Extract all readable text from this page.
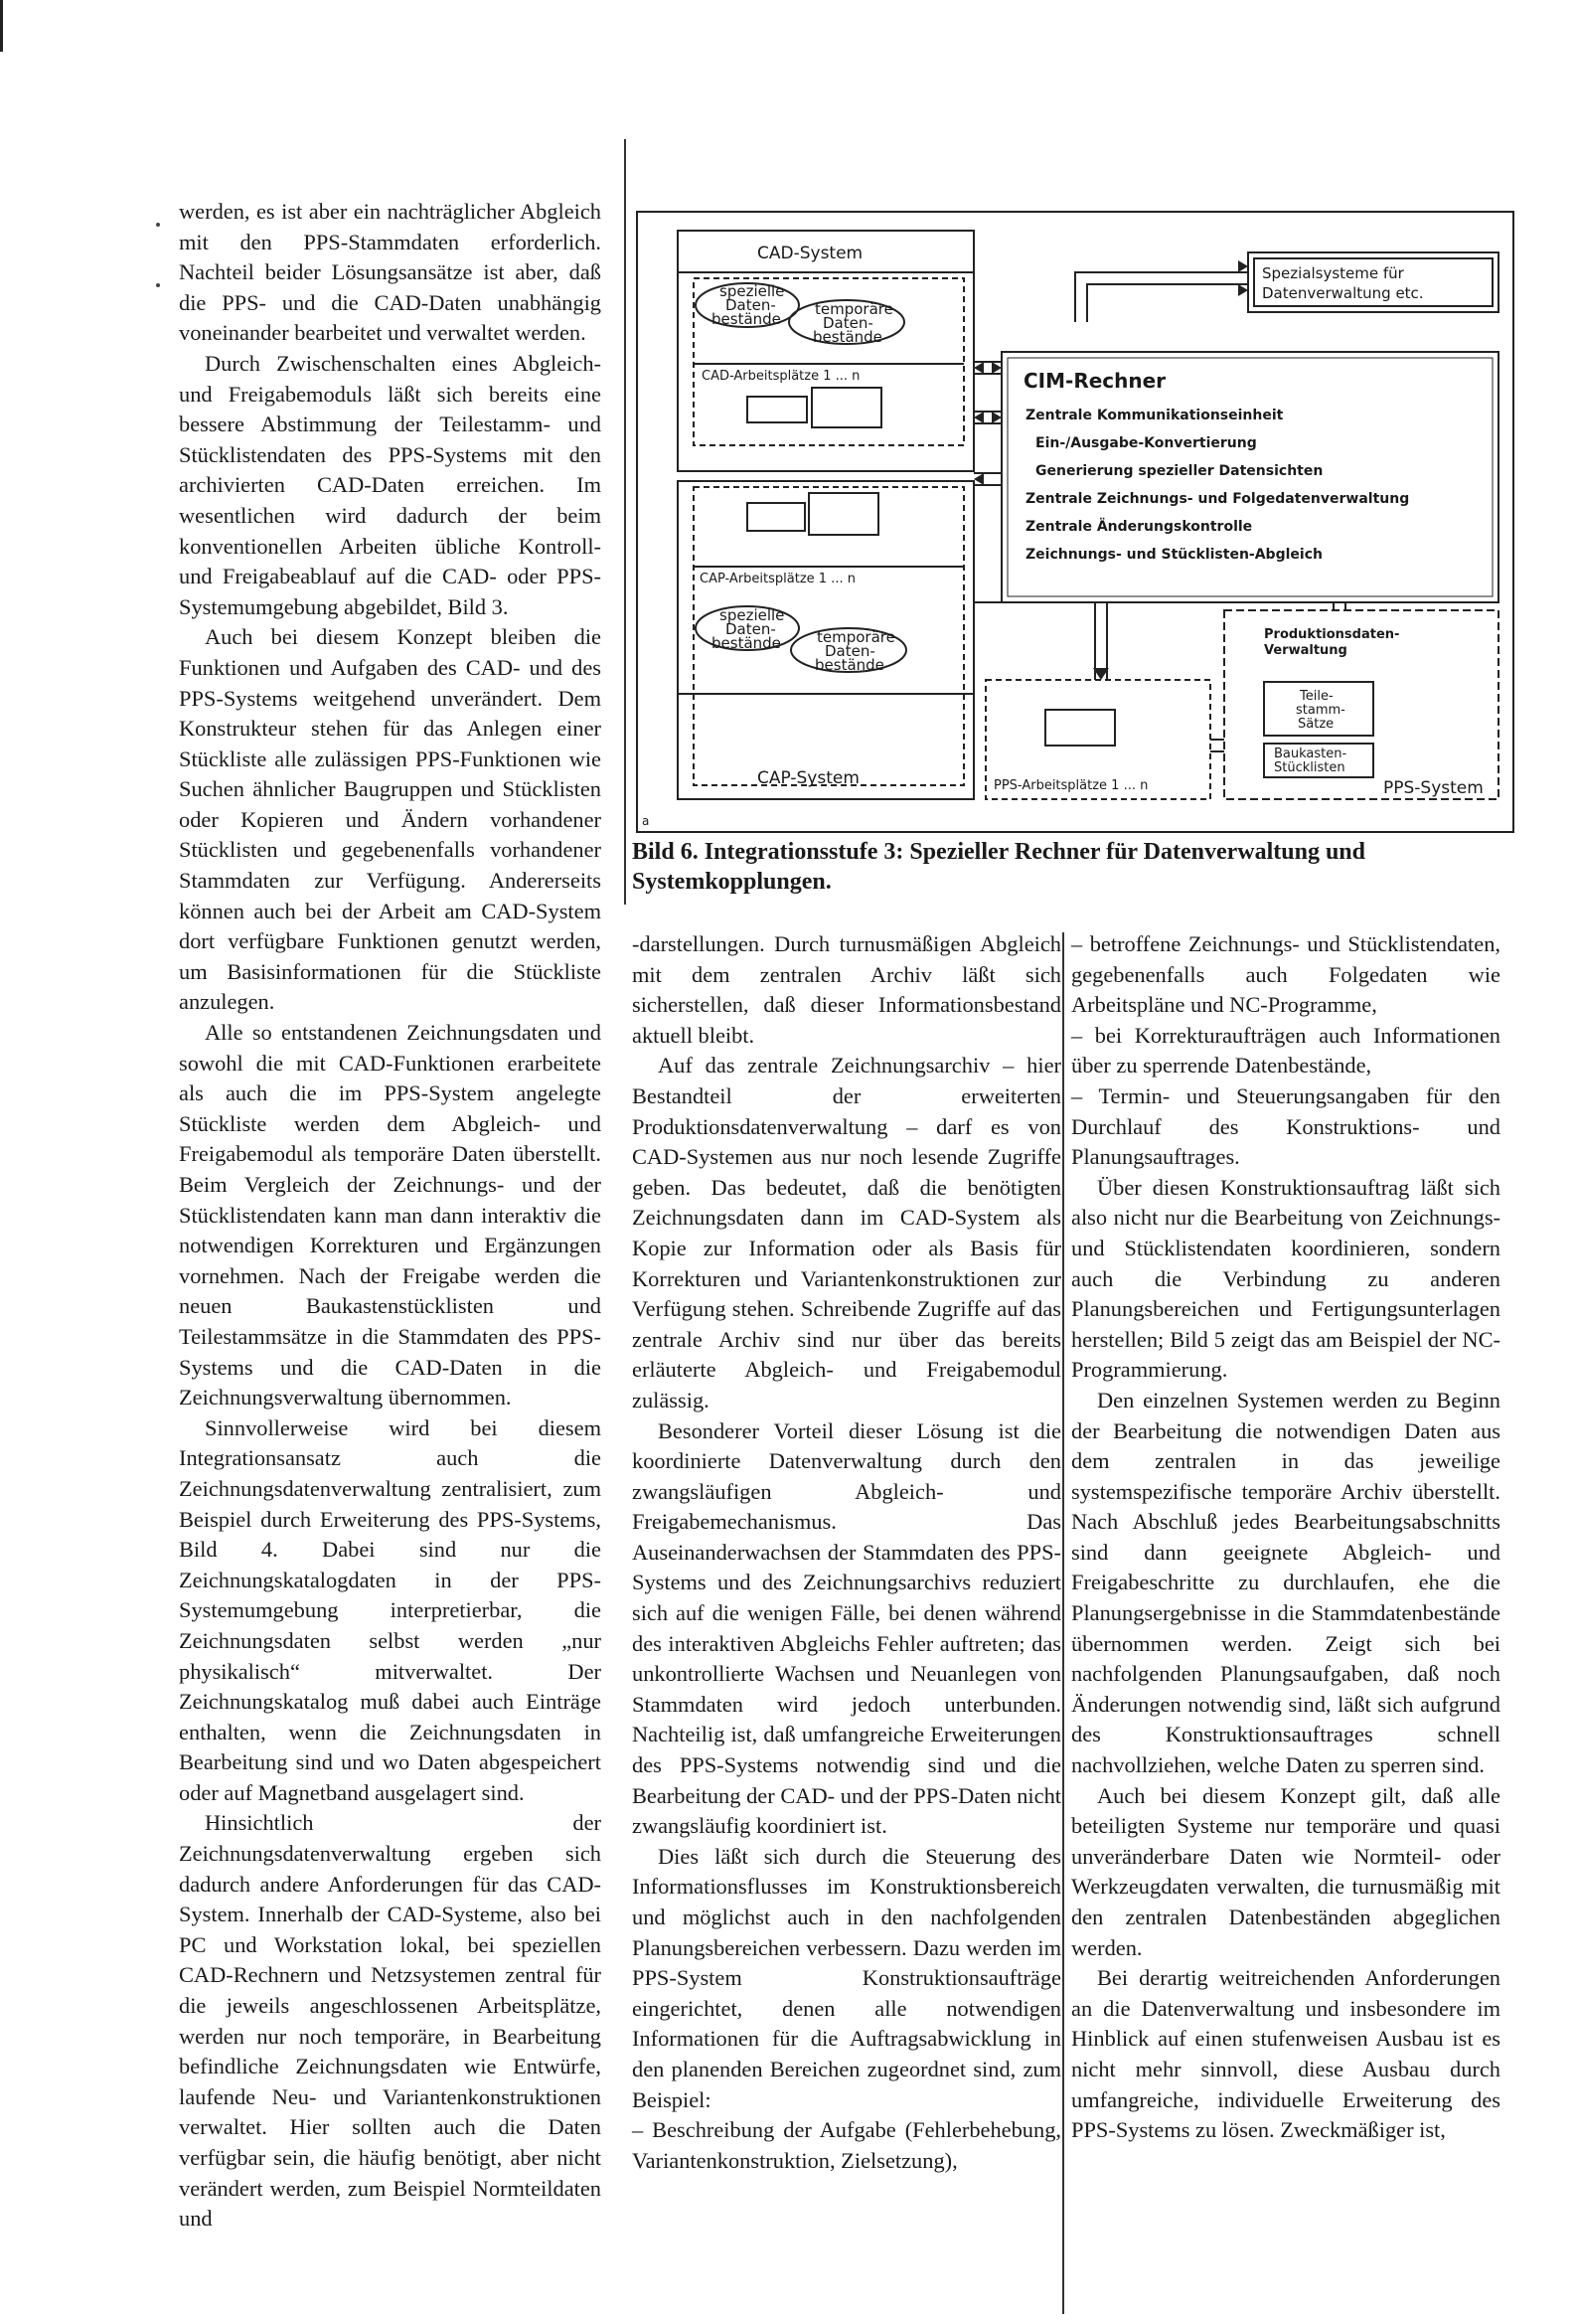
werden, es ist aber ein nachträglicher Abgleich mit den PPS-Stammdaten erforderlich. Nachteil beider Lösungsansätze ist aber, daß die PPS- und die CAD-Daten unabhängig voneinander bearbeitet und verwaltet werden.

Durch Zwischenschalten eines Abgleich- und Freigabemoduls läßt sich bereits eine bessere Abstimmung der Teilestamm- und Stücklistendaten des PPS-Systems mit den archivierten CAD-Daten erreichen. Im wesentlichen wird dadurch der beim konventionellen Arbeiten übliche Kontroll- und Freigabeablauf auf die CAD- oder PPS-Systemumgebung abgebildet, Bild 3.

Auch bei diesem Konzept bleiben die Funktionen und Aufgaben des CAD- und des PPS-Systems weitgehend unverändert. Dem Konstrukteur stehen für das Anlegen einer Stückliste alle zulässigen PPS-Funktionen wie Suchen ähnlicher Baugruppen und Stücklisten oder Kopieren und Ändern vorhandener Stücklisten und gegebenenfalls vorhandener Stammdaten zur Verfügung. Andererseits können auch bei der Arbeit am CAD-System dort verfügbare Funktionen genutzt werden, um Basisinformationen für die Stückliste anzulegen.

Alle so entstandenen Zeichnungsdaten und sowohl die mit CAD-Funktionen erarbeitete als auch die im PPS-System angelegte Stückliste werden dem Abgleich- und Freigabemodul als temporäre Daten überstellt. Beim Vergleich der Zeichnungs- und der Stücklistendaten kann man dann interaktiv die notwendigen Korrekturen und Ergänzungen vornehmen. Nach der Freigabe werden die neuen Baukastenstücklisten und Teilestammsätze in die Stammdaten des PPS-Systems und die CAD-Daten in die Zeichnungsverwaltung übernommen.

Sinnvollerweise wird bei diesem Integrationsansatz auch die Zeichnungsdatenverwaltung zentralisiert, zum Beispiel durch Erweiterung des PPS-Systems, Bild 4. Dabei sind nur die Zeichnungskatalogdaten in der PPS-Systemumgebung interpretierbar, die Zeichnungsdaten selbst werden „nur physikalisch“ mitverwaltet. Der Zeichnungskatalog muß dabei auch Einträge enthalten, wenn die Zeichnungsdaten in Bearbeitung sind und wo Daten abgespeichert oder auf Magnetband ausgelagert sind.

Hinsichtlich der Zeichnungsdatenverwaltung ergeben sich dadurch andere Anforderungen für das CAD-System. Innerhalb der CAD-Systeme, also bei PC und Workstation lokal, bei speziellen CAD-Rechnern und Netzsystemen zentral für die jeweils angeschlossenen Arbeitsplätze, werden nur noch temporäre, in Bearbeitung befindliche Zeichnungsdaten wie Entwürfe, laufende Neu- und Variantenkonstruktionen verwaltet. Hier sollten auch die Daten verfügbar sein, die häufig benötigt, aber nicht verändert werden, zum Beispiel Normteildaten und

CAD-System
spezielle
Daten-
bestände
temporäre
Daten-
bestände
CAD-Arbeitsplätze 1 ... n
Spezialsysteme für
Datenverwaltung etc.
CIM-Rechner
Zentrale Kommunikationseinheit
Ein-/Ausgabe-Konvertierung
Generierung spezieller Datensichten
Zentrale Zeichnungs- und Folgedatenverwaltung
Zentrale Änderungskontrolle
Zeichnungs- und Stücklisten-Abgleich
CAP-Arbeitsplätze 1 ... n
spezielle
Daten-
bestände temporäre
Daten-
bestände
CAP-System	PPS-Arbeitsplätze 1 ... n
Produktionsdaten-
Verwaltung
Teile-
stamm-
Sätze
Baukasten-
Stücklisten
PPS-System
a
Bild 6. Integrationsstufe 3: Spezieller Rechner für Datenverwaltung und Systemkopplungen.

-darstellungen. Durch turnusmäßigen Abgleich mit dem zentralen Archiv läßt sich sicherstellen, daß dieser Informationsbestand aktuell bleibt.

Auf das zentrale Zeichnungsarchiv – hier Bestandteil der erweiterten Produktionsdatenverwaltung – darf es von CAD-Systemen aus nur noch lesende Zugriffe geben. Das bedeutet, daß die benötigten Zeichnungsdaten dann im CAD-System als Kopie zur Information oder als Basis für Korrekturen und Variantenkonstruktionen zur Verfügung stehen. Schreibende Zugriffe auf das zentrale Archiv sind nur über das bereits erläuterte Abgleich- und Freigabemodul zulässig.

Besonderer Vorteil dieser Lösung ist die koordinierte Datenverwaltung durch den zwangsläufigen Abgleich- und Freigabemechanismus. Das Auseinanderwachsen der Stammdaten des PPS-Systems und des Zeichnungsarchivs reduziert sich auf die wenigen Fälle, bei denen während des interaktiven Abgleichs Fehler auftreten; das unkontrollierte Wachsen und Neuanlegen von Stammdaten wird jedoch unterbunden. Nachteilig ist, daß umfangreiche Erweiterungen des PPS-Systems notwendig sind und die Bearbeitung der CAD- und der PPS-Daten nicht zwangsläufig koordiniert ist.

Dies läßt sich durch die Steuerung des Informationsflusses im Konstruktionsbereich und möglichst auch in den nachfolgenden Planungsbereichen verbessern. Dazu werden im PPS-System Konstruktionsaufträge eingerichtet, denen alle notwendigen Informationen für die Auftragsabwicklung in den planenden Bereichen zugeordnet sind, zum Beispiel:

– Beschreibung der Aufgabe (Fehlerbehebung, Variantenkonstruktion, Zielsetzung),

– betroffene Zeichnungs- und Stücklistendaten, gegebenenfalls auch Folgedaten wie Arbeitspläne und NC-Programme,

– bei Korrekturaufträgen auch Informationen über zu sperrende Datenbestände,

– Termin- und Steuerungsangaben für den Durchlauf des Konstruktions- und Planungsauftrages.

Über diesen Konstruktionsauftrag läßt sich also nicht nur die Bearbeitung von Zeichnungs- und Stücklistendaten koordinieren, sondern auch die Verbindung zu anderen Planungsbereichen und Fertigungsunterlagen herstellen; Bild 5 zeigt das am Beispiel der NC-Programmierung.

Den einzelnen Systemen werden zu Beginn der Bearbeitung die notwendigen Daten aus dem zentralen in das jeweilige systemspezifische temporäre Archiv überstellt. Nach Abschluß jedes Bearbeitungsabschnitts sind dann geeignete Abgleich- und Freigabeschritte zu durchlaufen, ehe die Planungsergebnisse in die Stammdatenbestände übernommen werden. Zeigt sich bei nachfolgenden Planungsaufgaben, daß noch Änderungen notwendig sind, läßt sich aufgrund des Konstruktionsauftrages schnell nachvollziehen, welche Daten zu sperren sind.

Auch bei diesem Konzept gilt, daß alle beteiligten Systeme nur temporäre und quasi unveränderbare Daten wie Normteil- oder Werkzeugdaten verwalten, die turnusmäßig mit den zentralen Datenbeständen abgeglichen werden.

Bei derartig weitreichenden Anforderungen an die Datenverwaltung und insbesondere im Hinblick auf einen stufenweisen Ausbau ist es nicht mehr sinnvoll, diese Ausbau durch umfangreiche, individuelle Erweiterung des PPS-Systems zu lösen. Zweckmäßiger ist,
